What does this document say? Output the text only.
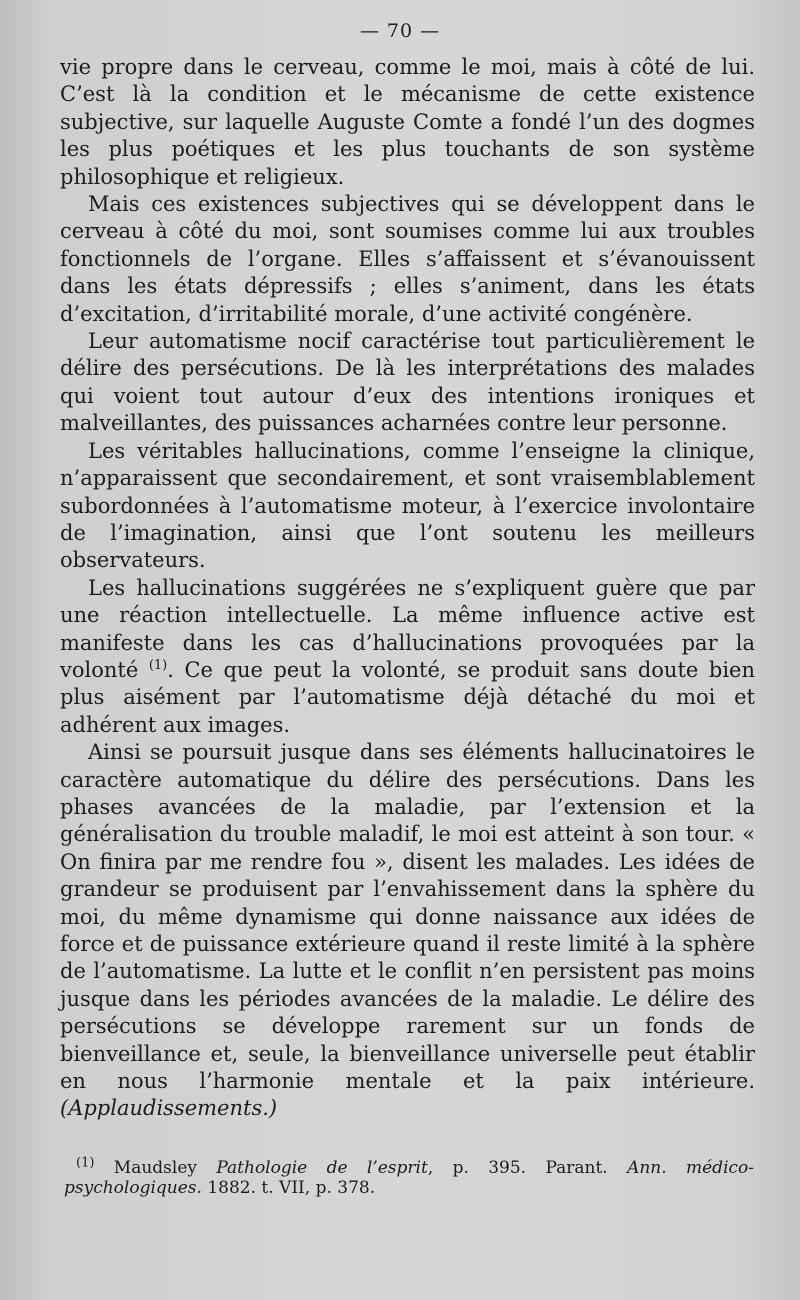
— 70 —

vie propre dans le cerveau, comme le moi, mais à côté de lui. C’est là la condition et le mécanisme de cette existence subjective, sur laquelle Auguste Comte a fondé l’un des dogmes les plus poétiques et les plus touchants de son système philosophique et religieux.

Mais ces existences subjectives qui se développent dans le cerveau à côté du moi, sont soumises comme lui aux troubles fonctionnels de l’organe. Elles s’affaissent et s’évanouissent dans les états dépressifs ; elles s’animent, dans les états d’excitation, d’irritabilité morale, d’une activité congénère.

Leur automatisme nocif caractérise tout particulièrement le délire des persécutions. De là les interprétations des malades qui voient tout autour d’eux des intentions ironiques et malveillantes, des puissances acharnées contre leur personne.

Les véritables hallucinations, comme l’enseigne la clinique, n’apparaissent que secondairement, et sont vraisemblablement subordonnées à l’automatisme moteur, à l’exercice involontaire de l’imagination, ainsi que l’ont soutenu les meilleurs observateurs.

Les hallucinations suggérées ne s’expliquent guère que par une réaction intellectuelle. La même influence active est manifeste dans les cas d’hallucinations provoquées par la volonté $^{(1)}$. Ce que peut la volonté, se produit sans doute bien plus aisément par l’automatisme déjà détaché du moi et adhérent aux images.

Ainsi se poursuit jusque dans ses éléments hallucinatoires le caractère automatique du délire des persécutions. Dans les phases avancées de la maladie, par l’extension et la généralisation du trouble maladif, le moi est atteint à son tour. « On finira par me rendre fou », disent les malades. Les idées de grandeur se produisent par l’envahissement dans la sphère du moi, du même dynamisme qui donne naissance aux idées de force et de puissance extérieure quand il reste limité à la sphère de l’automatisme. La lutte et le conflit n’en persistent pas moins jusque dans les périodes avancées de la maladie. Le délire des persécutions se développe rarement sur un fonds de bienveillance et, seule, la bienveillance universelle peut établir en nous l’harmonie mentale et la paix intérieure. (Applaudissements.)

$^{(1)}$ Maudsley Pathologie de l’esprit, p. 395. Parant. Ann. médico-psychologiques. 1882. t. VII, p. 378.
